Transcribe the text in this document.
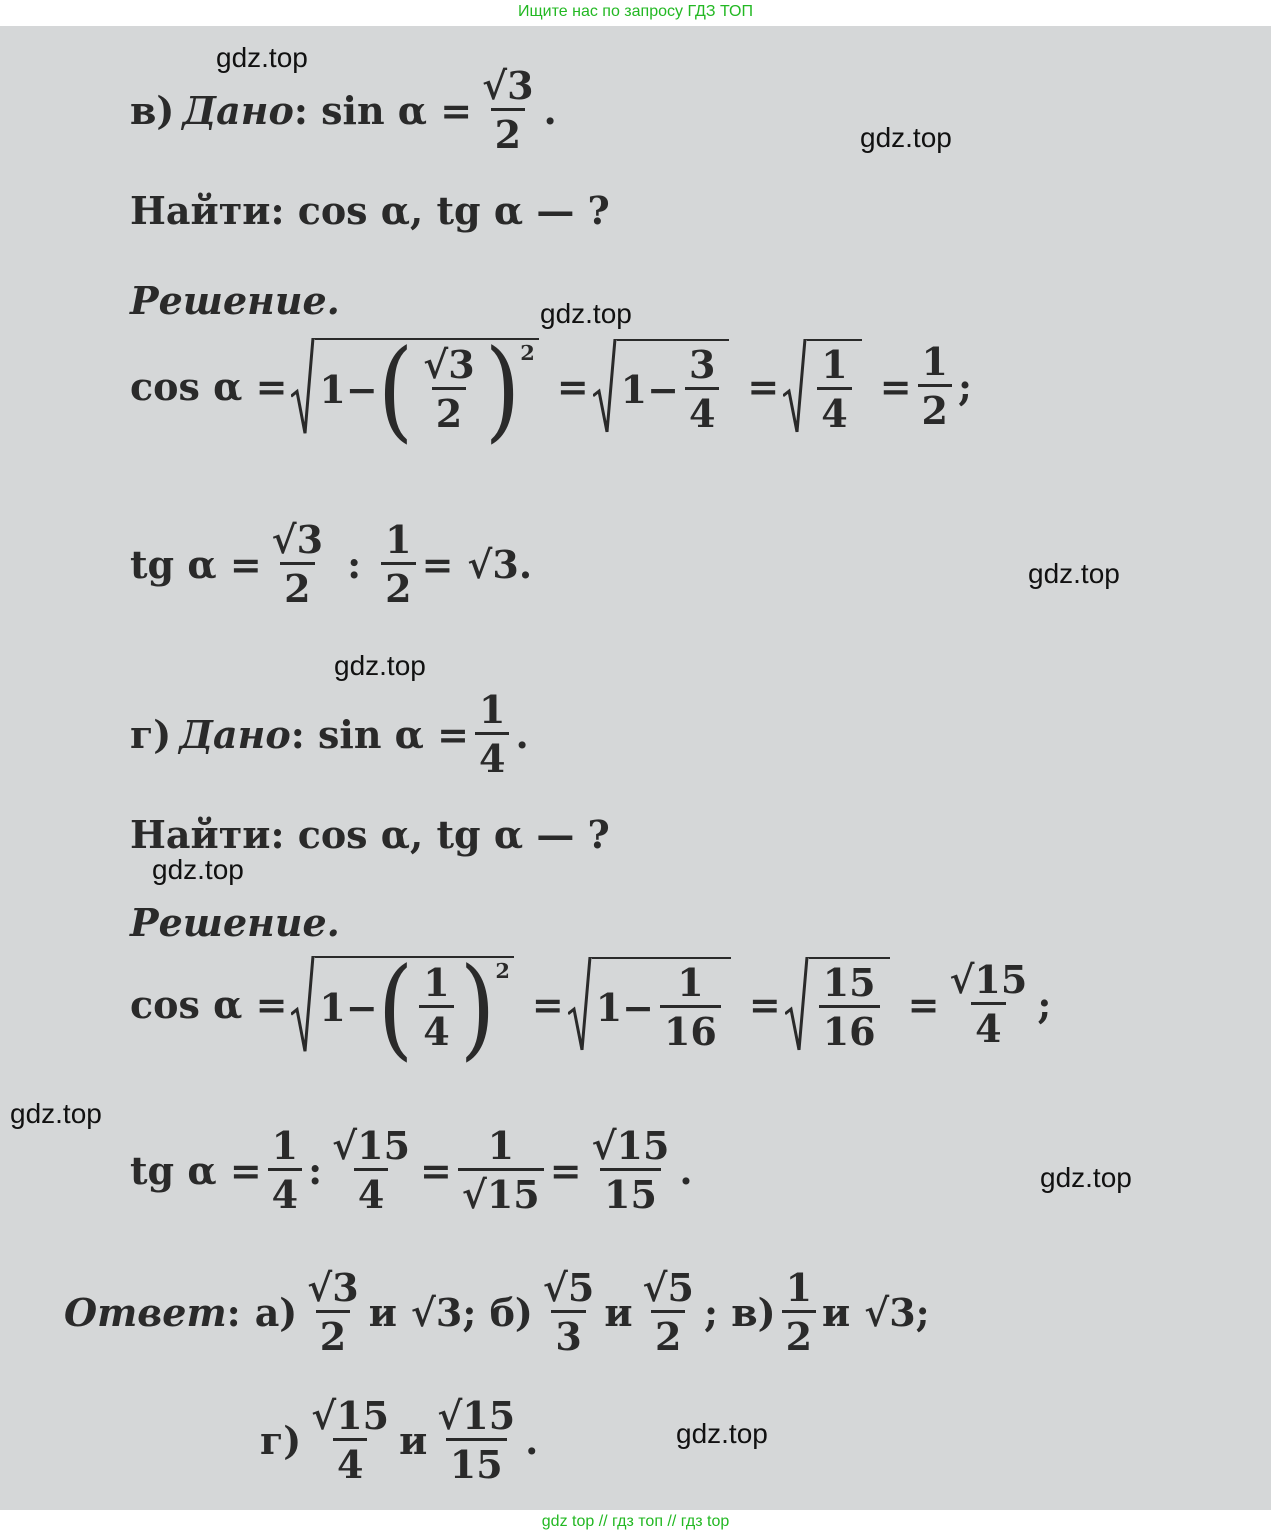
Ищите нас по запросу ГДЗ ТОП
gdz.top
gdz.top
gdz.top
gdz.top
gdz.top
gdz.top
gdz.top
gdz.top
gdz.top
в) Дано : $\sin \alpha = \frac{√3}{2}$ .
Найти: cos α, tg α — ?
Решение.
cos α = 1− ( $\frac{√3}{2}$ ) 2
= $1- \frac{3}{4} = \frac{1}{4} = \frac{1}{2}$ ;
tg $\alpha = \frac{√3}{2}$ : $\frac{1}{2} = √3$ .
г) Дано : $\sin \alpha = \frac{1}{4}$ .
Найти: cos α, tg α — ?
Решение.
cos α = 1− ( $\frac{1}{4}$ ) 2
= $1- \frac{1}{16} = \frac{15}{16} = \frac{√15}{4}$ ;
tg $\alpha = \frac{1}{4}$ : $\frac{√15}{4} = \frac{1}{√15} = \frac{√15}{15}$ .
Ответ : $а) \frac{√3}{2}$ и √3 ; $б) \frac{√5}{3}$ и $\frac{√5}{2}$ ; $в) \frac{1}{2}$ и √3 ;
$г) \frac{√15}{4}$ и $\frac{√15}{15}$ .
gdz top // гдз топ // гдз top
